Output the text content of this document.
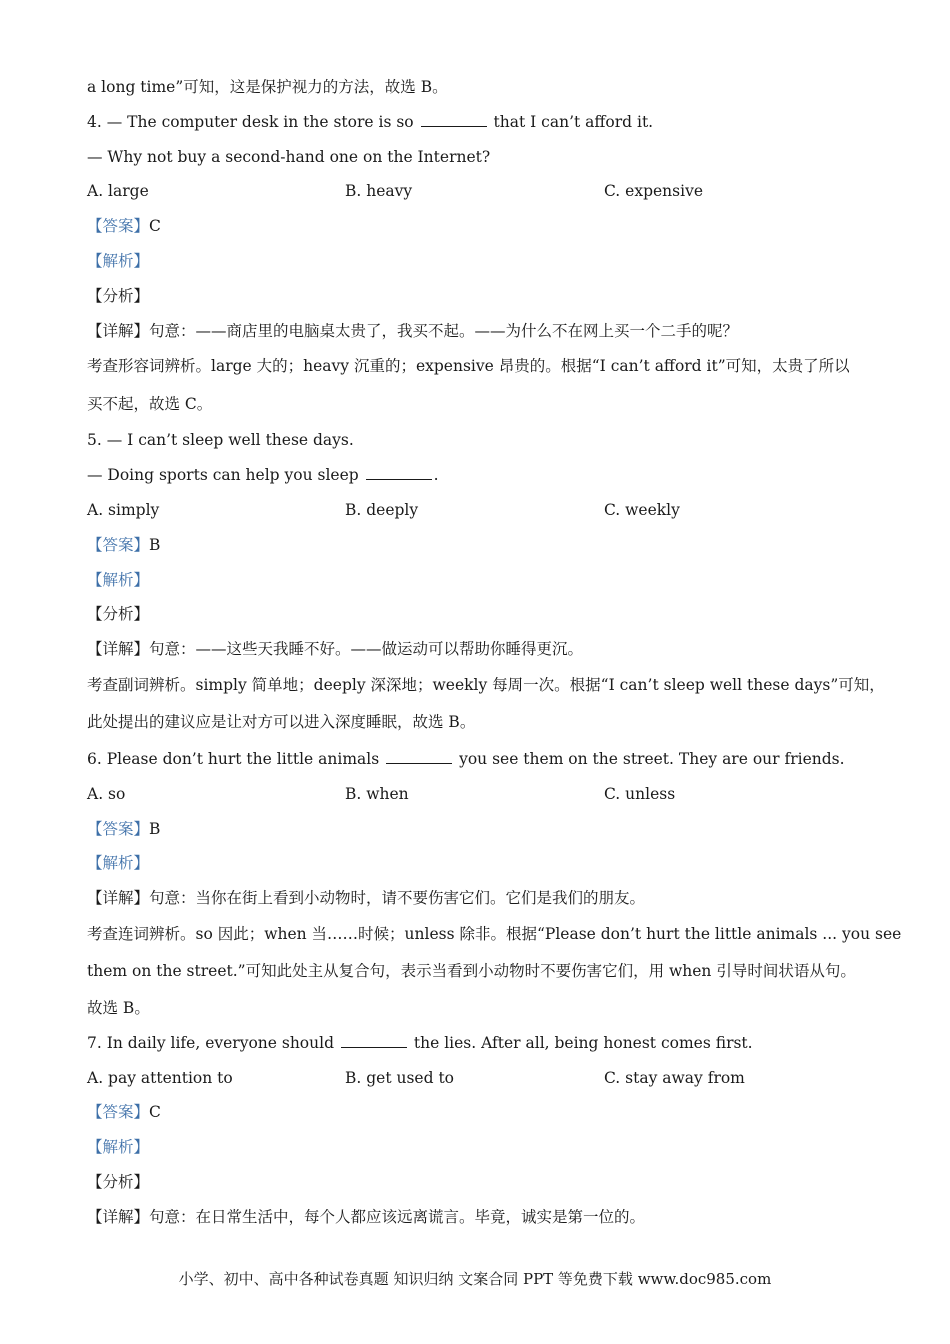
a long time”可知，这是保护视力的方法，故选 B。
4. — The computer desk in the store is so	that I can’t afford it.
— Why not buy a second-hand one on the Internet?
A. large	B. heavy	C. expensive
【答案】C
【解析】
【分析】
【详解】句意：——商店里的电脑桌太贵了，我买不起。——为什么不在网上买一个二手的呢？
考查形容词辨析。large 大的；heavy 沉重的；expensive 昂贵的。根据“I can’t afford it”可知，太贵了所以
买不起，故选 C。
5. — I can’t sleep well these days.
— Doing sports can help you sleep	.
A. simply	B. deeply	C. weekly
【答案】B
【解析】
【分析】
【详解】句意：——这些天我睡不好。——做运动可以帮助你睡得更沉。
考查副词辨析。simply 简单地；deeply 深深地；weekly 每周一次。根据“I can’t sleep well these days”可知，
此处提出的建议应是让对方可以进入深度睡眠，故选 B。
6. Please don’t hurt the little animals	you see them on the street. They are our friends.
A. so	B. when	C. unless
【答案】B
【解析】
【详解】句意：当你在街上看到小动物时，请不要伤害它们。它们是我们的朋友。
考查连词辨析。so 因此；when 当……时候；unless 除非。根据“Please don’t hurt the little animals ... you see
them on the street.”可知此处主从复合句，表示当看到小动物时不要伤害它们，用 when 引导时间状语从句。
故选 B。
7. In daily life, everyone should	the lies. After all, being honest comes first.
A. pay attention to	B. get used to	C. stay away from
【答案】C
【解析】
【分析】
【详解】句意：在日常生活中，每个人都应该远离谎言。毕竟，诚实是第一位的。
小学、初中、高中各种试卷真题 知识归纳 文案合同 PPT 等免费下载 www.doc985.com
